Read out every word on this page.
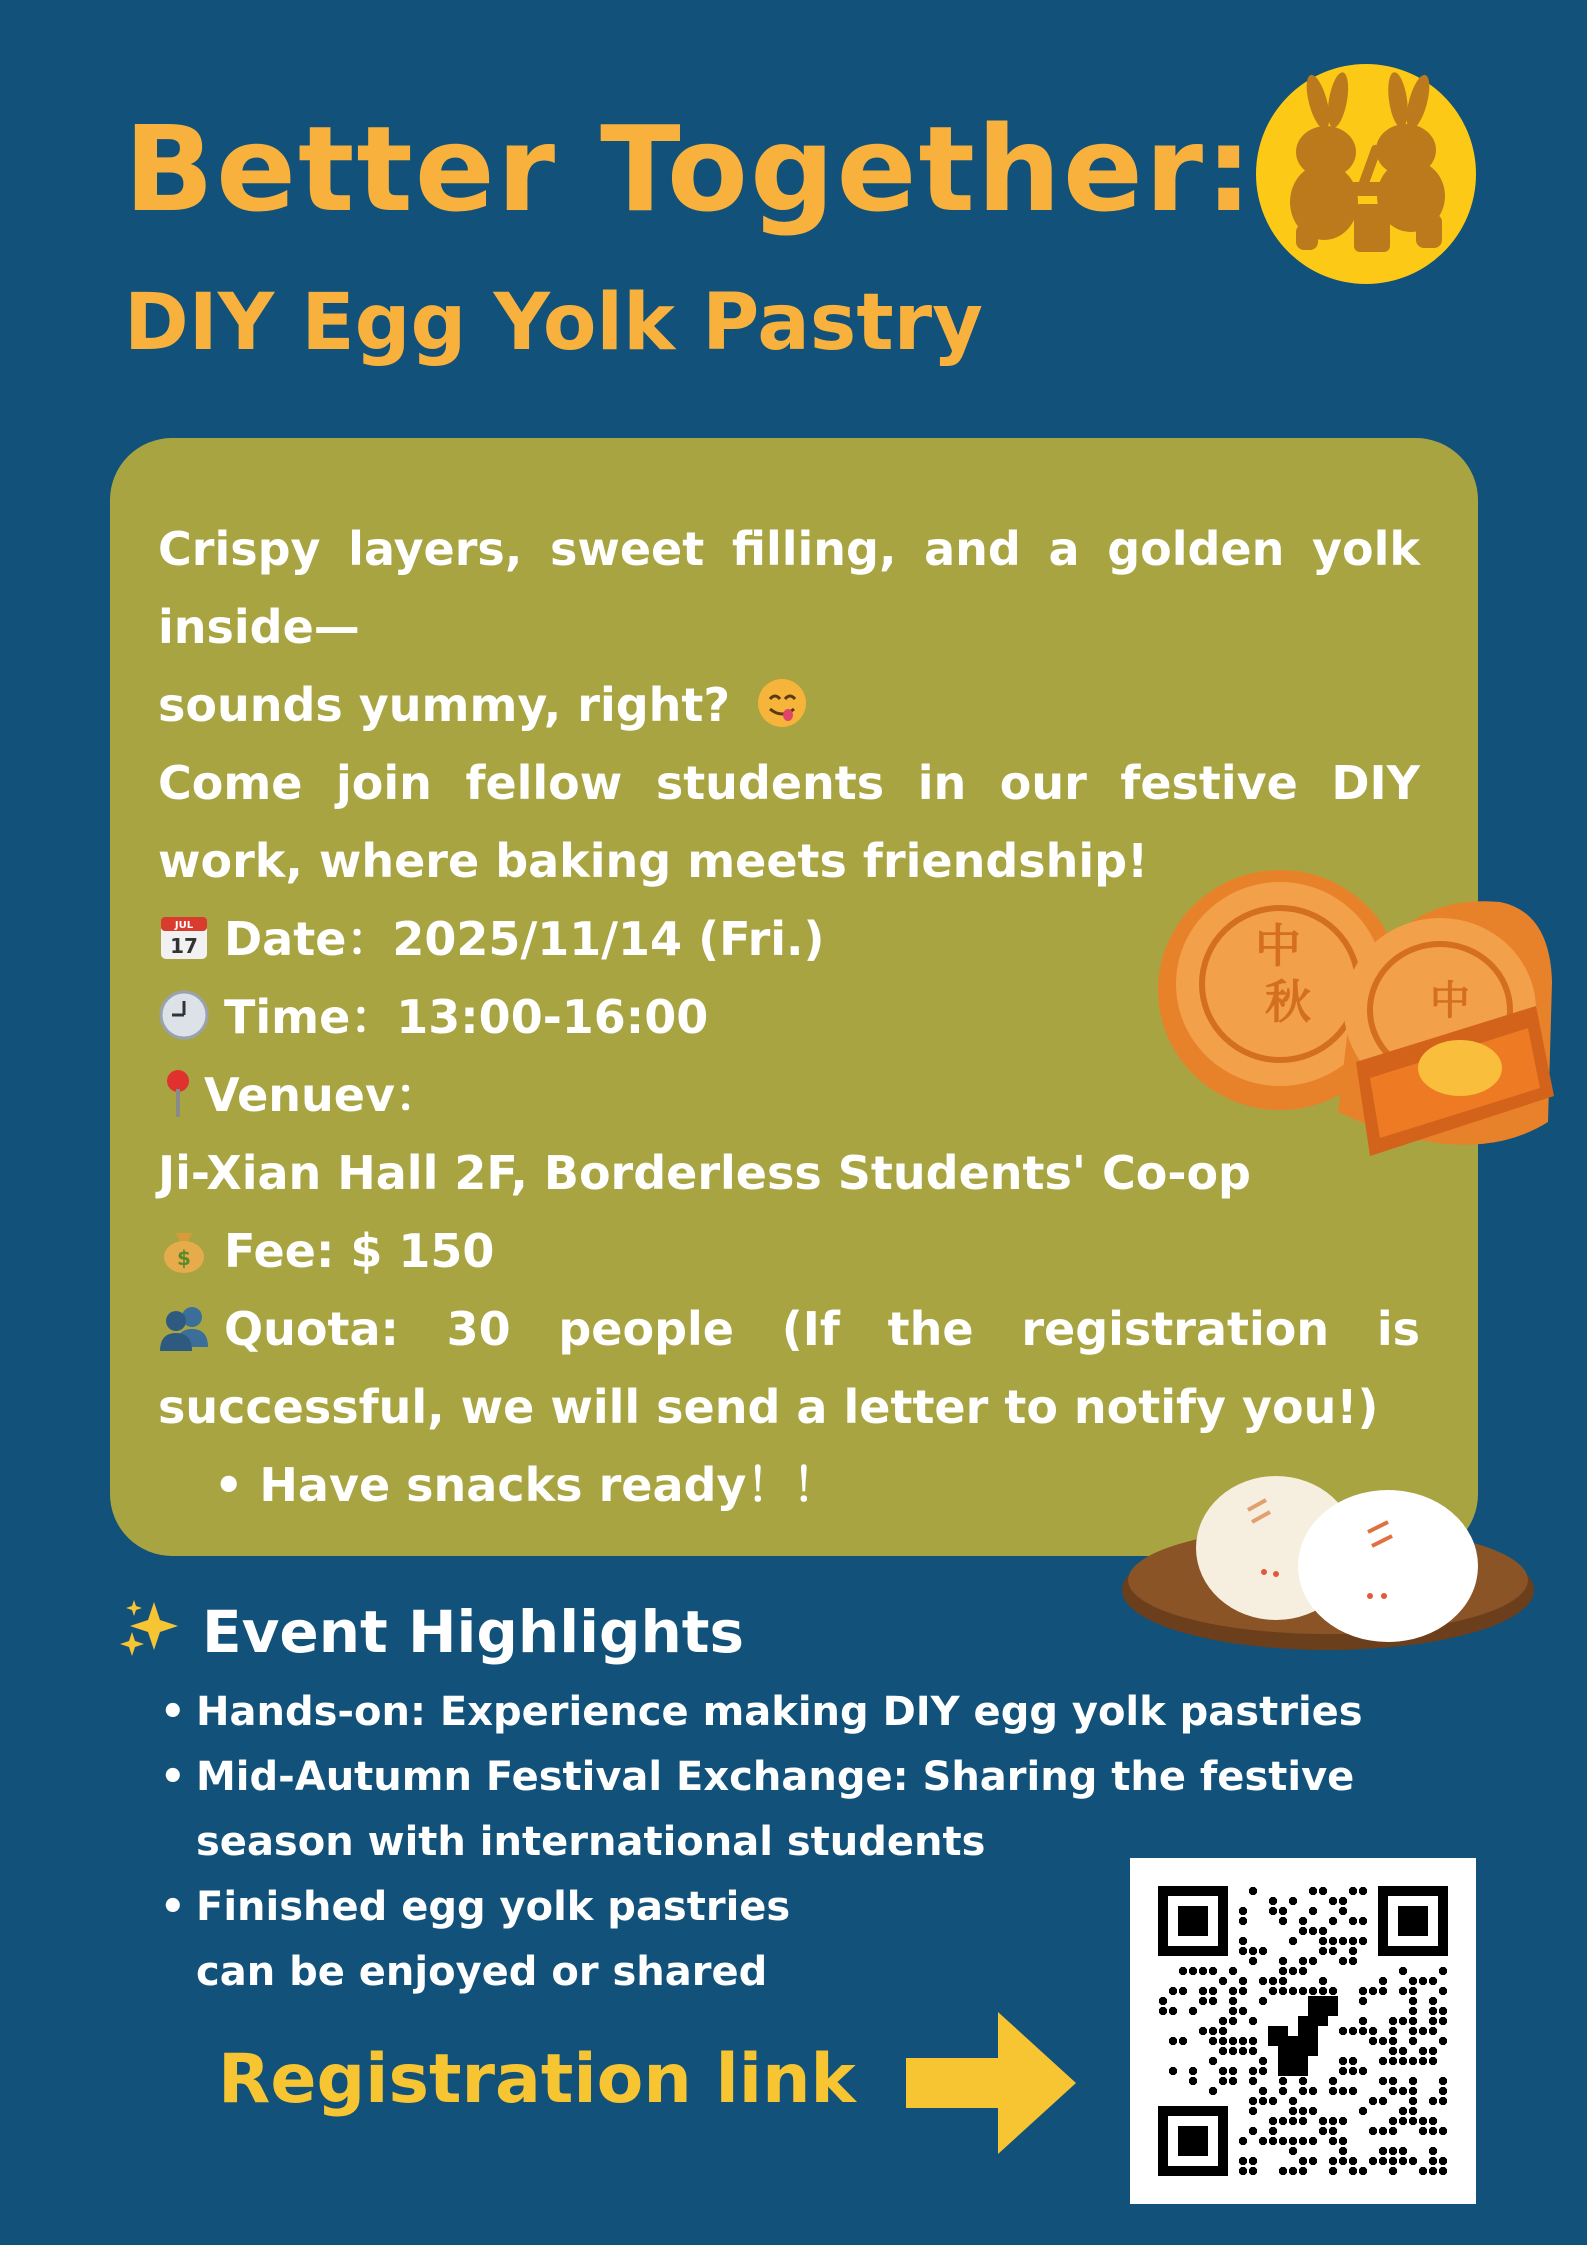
Better Together:
DIY Egg Yolk Pastry
Crispy layers, sweet filling, and a golden yolk inside—
sounds yummy, right?
Come join fellow students in our festive DIY work, where baking meets friendship!
JUL
17 Date：2025/11/14 (Fri.)
Time：13:00-16:00
Venuev：
Ji-Xian Hall 2F, Borderless Students' Co-op
$ Fee: $ 150
Quota: 30 people (If the registration is successful, we will send a letter to notify you!)
• Have snacks ready！！
中
秋	中
Event Highlights
• Hands-on: Experience making DIY egg yolk pastries
• Mid-Autumn Festival Exchange: Sharing the festive season with international students
• Finished egg yolk pastries can be enjoyed or shared
Registration link
